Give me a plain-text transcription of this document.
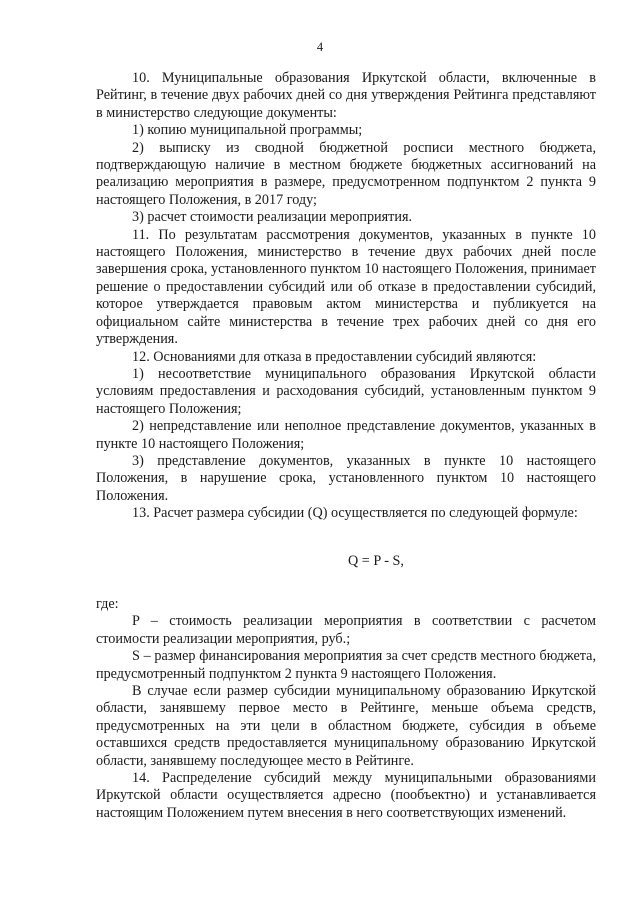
4

10. Муниципальные образования Иркутской области, включенные в Рейтинг, в течение двух рабочих дней со дня утверждения Рейтинга представляют в министерство следующие документы:

1) копию муниципальной программы;

2) выписку из сводной бюджетной росписи местного бюджета, подтверждающую наличие в местном бюджете бюджетных ассигнований на реализацию мероприятия в размере, предусмотренном подпунктом 2 пункта 9 настоящего Положения, в 2017 году;

3) расчет стоимости реализации мероприятия.

11. По результатам рассмотрения документов, указанных в пункте 10 настоящего Положения, министерство в течение двух рабочих дней после завершения срока, установленного пунктом 10 настоящего Положения, принимает решение о предоставлении субсидий или об отказе в предоставлении субсидий, которое утверждается правовым актом министерства и публикуется на официальном сайте министерства в течение трех рабочих дней со дня его утверждения.

12. Основаниями для отказа в предоставлении субсидий являются:

1) несоответствие муниципального образования Иркутской области условиям предоставления и расходования субсидий, установленным пунктом 9 настоящего Положения;

2) непредставление или неполное представление документов, указанных в пункте 10 настоящего Положения;

3) представление документов, указанных в пункте 10 настоящего Положения, в нарушение срока, установленного пунктом 10 настоящего Положения.

13. Расчет размера субсидии (Q) осуществляется по следующей формуле:

Q = P - S,

где:

P – стоимость реализации мероприятия в соответствии с расчетом стоимости реализации мероприятия, руб.;

S – размер финансирования мероприятия за счет средств местного бюджета, предусмотренный подпунктом 2 пункта 9 настоящего Положения.

В случае если размер субсидии муниципальному образованию Иркутской области, занявшему первое место в Рейтинге, меньше объема средств, предусмотренных на эти цели в областном бюджете, субсидия в объеме оставшихся средств предоставляется муниципальному образованию Иркутской области, занявшему последующее место в Рейтинге.

14. Распределение субсидий между муниципальными образованиями Иркутской области осуществляется адресно (пообъектно) и устанавливается настоящим Положением путем внесения в него соответствующих изменений.
